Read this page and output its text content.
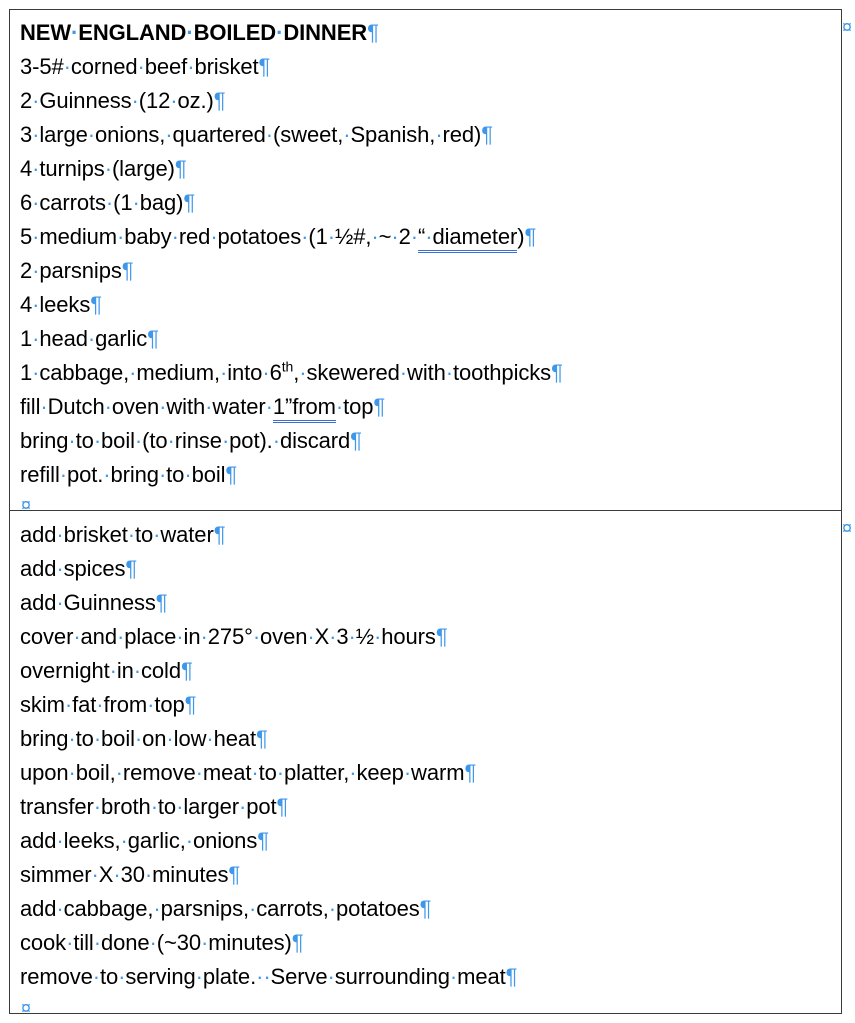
NEW·ENGLAND·BOILED·DINNER¶
3-5#·corned·beef·brisket¶
2·Guinness·(12·oz.)¶
3·large·onions,·quartered·(sweet,·Spanish,·red)¶
4·turnips·(large)¶
6·carrots·(1·bag)¶
5·medium·baby·red·potatoes·(1·½#,·~·2·“·diameter)¶
2·parsnips¶
4·leeks¶
1·head·garlic¶
1·cabbage,·medium,·into·6th,·skewered·with·toothpicks¶
fill·Dutch·oven·with·water·1”from·top¶
bring·to·boil·(to·rinse·pot).·discard¶
refill·pot.·bring·to·boil¶
¤
¤
add·brisket·to·water¶
add·spices¶
add·Guinness¶
cover·and·place·in·275°·oven·X·3·½·hours¶
overnight·in·cold¶
skim·fat·from·top¶
bring·to·boil·on·low·heat¶
upon·boil,·remove·meat·to·platter,·keep·warm¶
transfer·broth·to·larger·pot¶
add·leeks,·garlic,·onions¶
simmer·X·30·minutes¶
add·cabbage,·parsnips,·carrots,·potatoes¶
cook·till·done·(~30·minutes)¶
remove·to·serving·plate.··Serve·surrounding·meat¶
¤
¤
